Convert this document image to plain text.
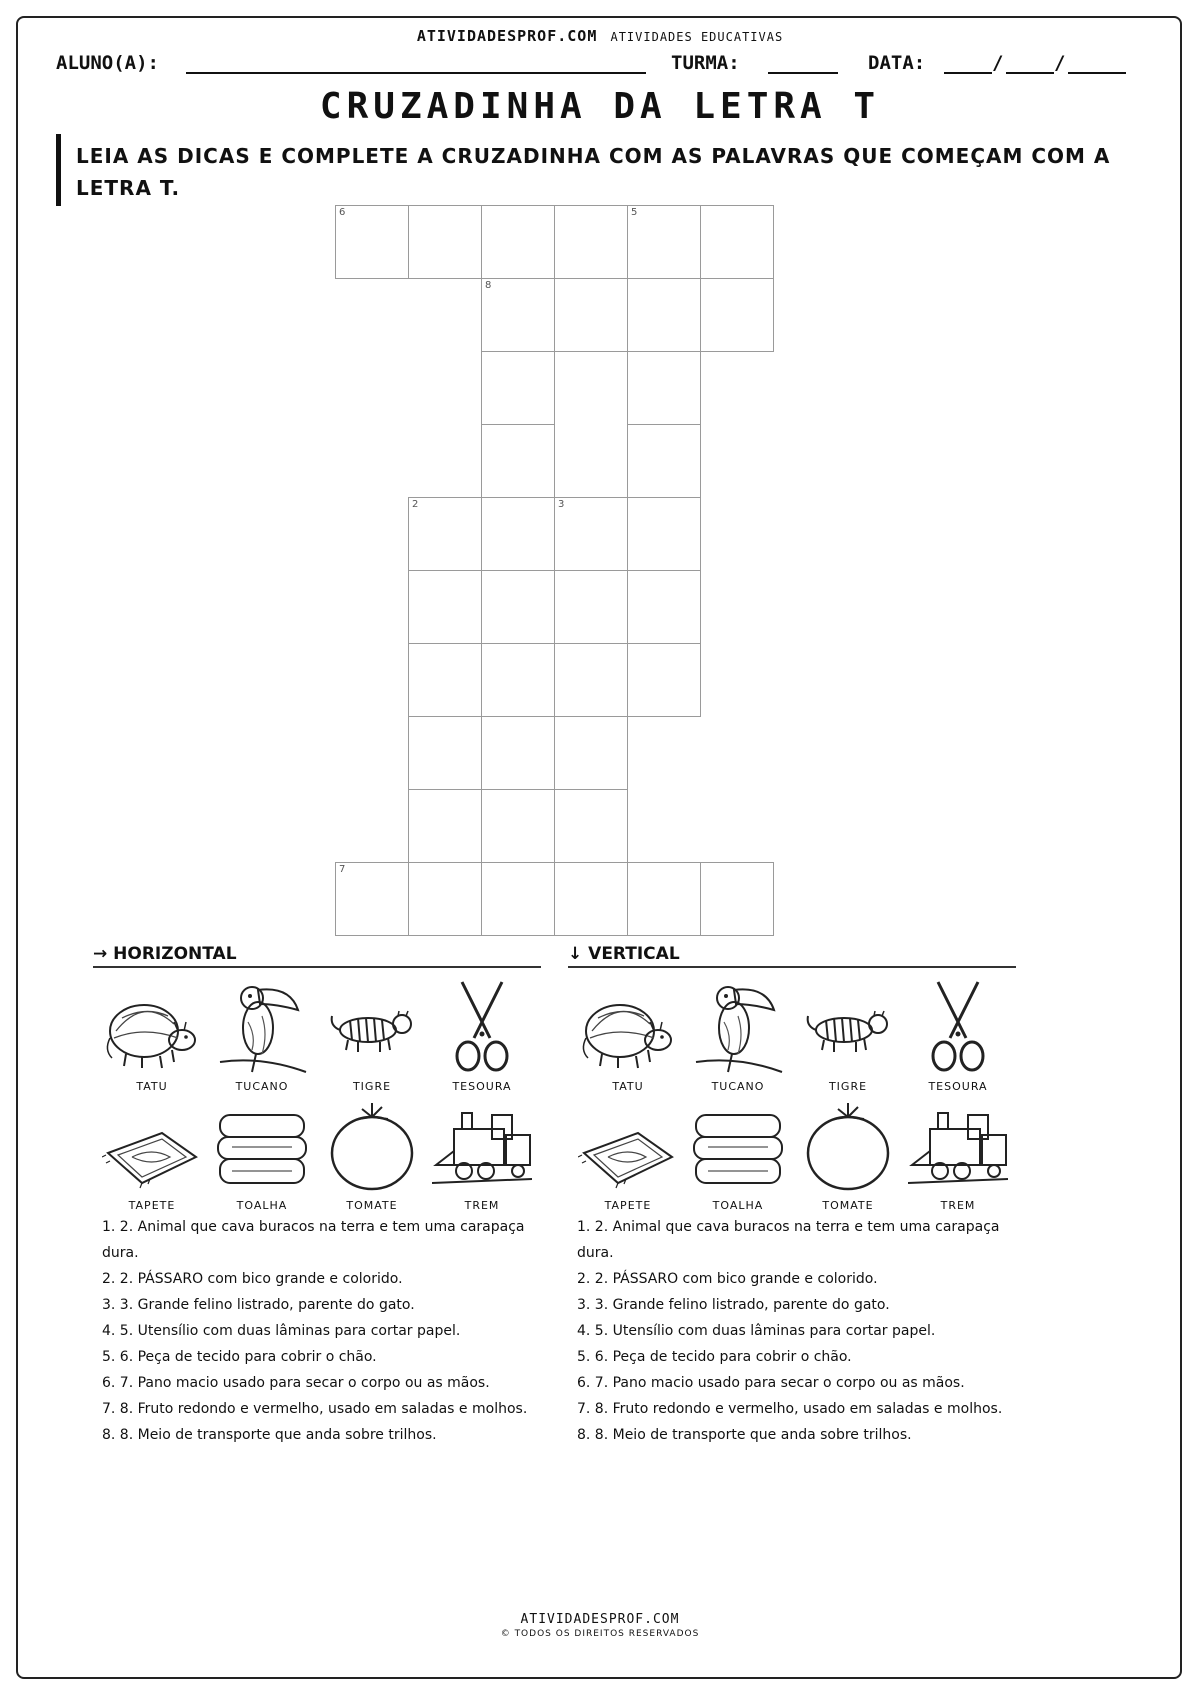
ATIVIDADESPROF.COM ATIVIDADES EDUCATIVAS
ALUNO(A):	TURMA:	DATA:	/	/
CRUZADINHA DA LETRA T
LEIA AS DICAS E COMPLETE A CRUZADINHA COM AS PALAVRAS QUE COMEÇAM COM A LETRA T.
6	5
8
2	3
7
→ HORIZONTAL
TATU	TUCANO	TIGRE	TESOURA
TAPETE	TOALHA	TOMATE	TREM
1. 2. Animal que cava buracos na terra e tem uma carapaça dura.
2. 2. PÁSSARO com bico grande e colorido.
3. 3. Grande felino listrado, parente do gato.
4. 5. Utensílio com duas lâminas para cortar papel.
5. 6. Peça de tecido para cobrir o chão.
6. 7. Pano macio usado para secar o corpo ou as mãos.
7. 8. Fruto redondo e vermelho, usado em saladas e molhos.
8. 8. Meio de transporte que anda sobre trilhos.
↓ VERTICAL
TATU	TUCANO	TIGRE	TESOURA
TAPETE	TOALHA	TOMATE	TREM
1. 2. Animal que cava buracos na terra e tem uma carapaça dura.
2. 2. PÁSSARO com bico grande e colorido.
3. 3. Grande felino listrado, parente do gato.
4. 5. Utensílio com duas lâminas para cortar papel.
5. 6. Peça de tecido para cobrir o chão.
6. 7. Pano macio usado para secar o corpo ou as mãos.
7. 8. Fruto redondo e vermelho, usado em saladas e molhos.
8. 8. Meio de transporte que anda sobre trilhos.
ATIVIDADESPROF.COM
© TODOS OS DIREITOS RESERVADOS
